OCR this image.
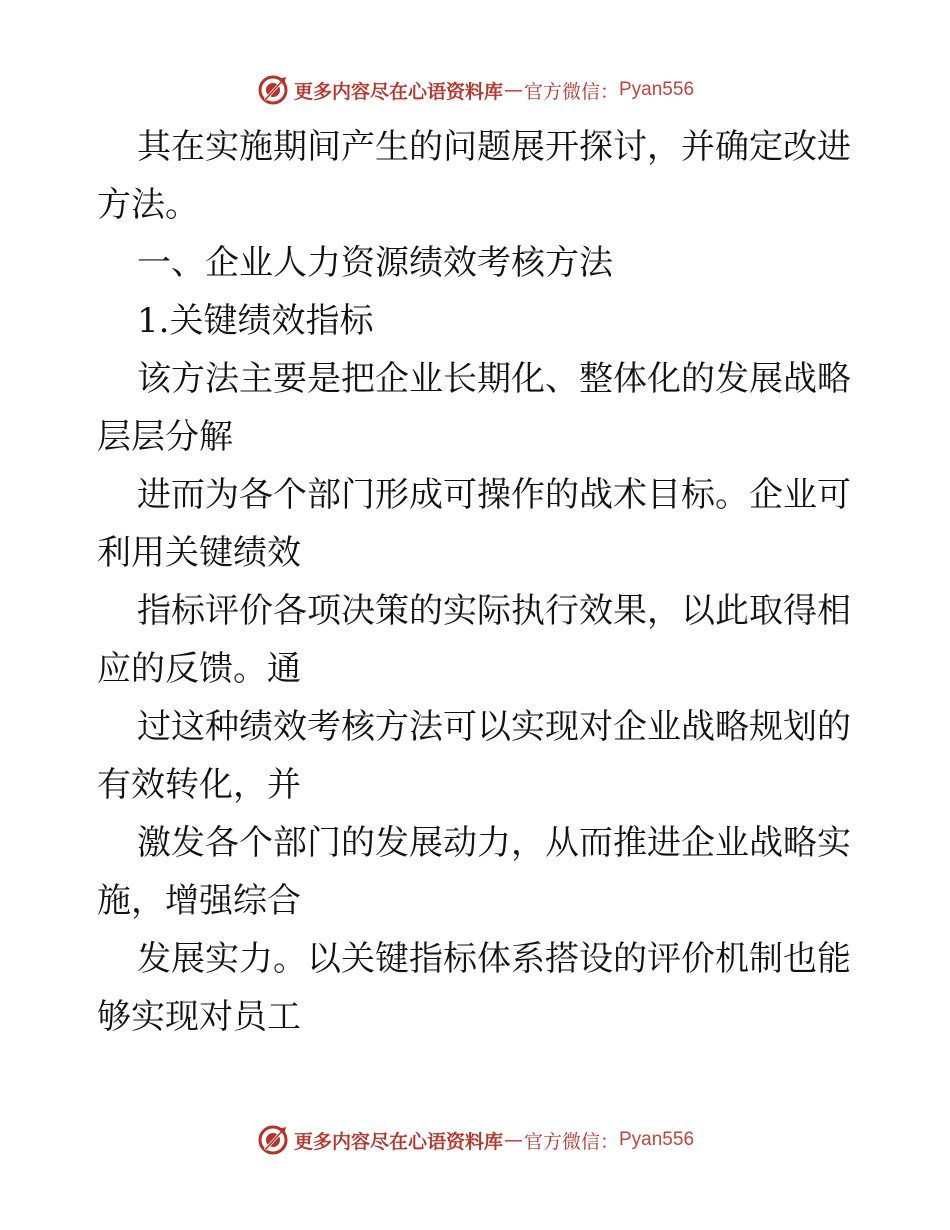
更多内容尽在心语资料库 — 官方微信： Pyan556

其在实施期间产生的问题展开探讨，并确定改进
方法。

一、企业人力资源绩效考核方法

1.关键绩效指标

该方法主要是把企业长期化、整体化的发展战略
层层分解

进而为各个部门形成可操作的战术目标。企业可
利用关键绩效

指标评价各项决策的实际执行效果，以此取得相
应的反馈。通

过这种绩效考核方法可以实现对企业战略规划的
有效转化，并

激发各个部门的发展动力，从而推进企业战略实
施，增强综合

发展实力。以关键指标体系搭设的评价机制也能
够实现对员工

更多内容尽在心语资料库 — 官方微信： Pyan556
